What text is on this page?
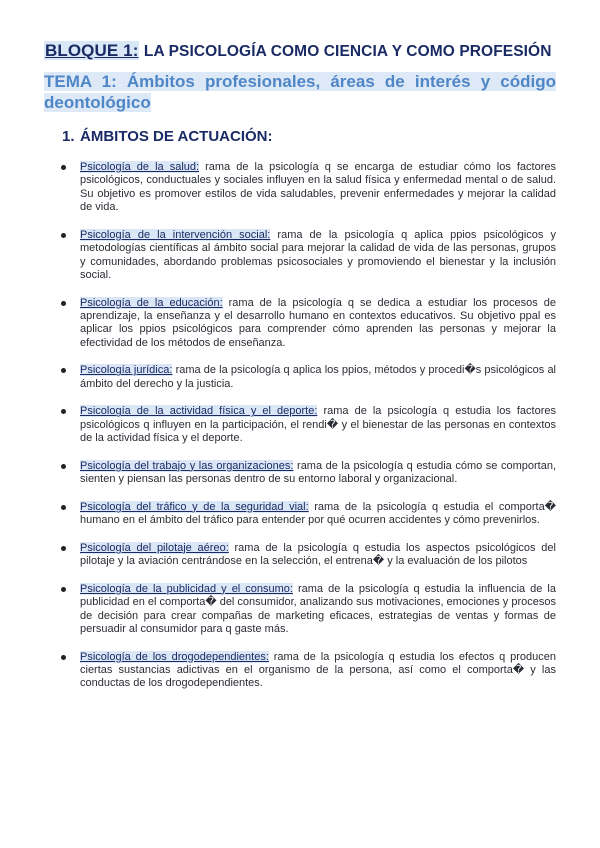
BLOQUE 1: LA PSICOLOGÍA COMO CIENCIA Y COMO PROFESIÓN
TEMA 1: Ámbitos profesionales, áreas de interés y código deontológico
1. ÁMBITOS DE ACTUACIÓN:
Psicología de la salud: rama de la psicología q se encarga de estudiar cómo los factores psicológicos, conductuales y sociales influyen en la salud física y enfermedad mental o de salud. Su objetivo es promover estilos de vida saludables, prevenir enfermedades y mejorar la calidad de vida.
Psicología de la intervención social: rama de la psicología q aplica ppios psicológicos y metodologías científicas al ámbito social para mejorar la calidad de vida de las personas, grupos y comunidades, abordando problemas psicosociales y promoviendo el bienestar y la inclusión social.
Psicología de la educación: rama de la psicología q se dedica a estudiar los procesos de aprendizaje, la enseñanza y el desarrollo humano en contextos educativos. Su objetivo ppal es aplicar los ppios psicológicos para comprender cómo aprenden las personas y mejorar la efectividad de los métodos de enseñanza.
Psicología jurídica: rama de la psicología q aplica los ppios, métodos y procedi�s psicológicos al ámbito del derecho y la justicia.
Psicología de la actividad física y el deporte: rama de la psicología q estudia los factores psicológicos q influyen en la participación, el rendi� y el bienestar de las personas en contextos de la actividad física y el deporte.
Psicología del trabajo y las organizaciones: rama de la psicología q estudia cómo se comportan, sienten y piensan las personas dentro de su entorno laboral y organizacional.
Psicología del tráfico y de la seguridad vial: rama de la psicología q estudia el comporta� humano en el ámbito del tráfico para entender por qué ocurren accidentes y cómo prevenirlos.
Psicología del pilotaje aéreo: rama de la psicología q estudia los aspectos psicológicos del pilotaje y la aviación centrándose en la selección, el entrena� y la evaluación de los pilotos
Psicología de la publicidad y el consumo: rama de la psicología q estudia la influencia de la publicidad en el comporta� del consumidor, analizando sus motivaciones, emociones y procesos de decisión para crear compañas de marketing eficaces, estrategias de ventas y formas de persuadir al consumidor para q gaste más.
Psicología de los drogodependientes: rama de la psicología q estudia los efectos q producen ciertas sustancias adictivas en el organismo de la persona, así como el comporta� y las conductas de los drogodependientes.
